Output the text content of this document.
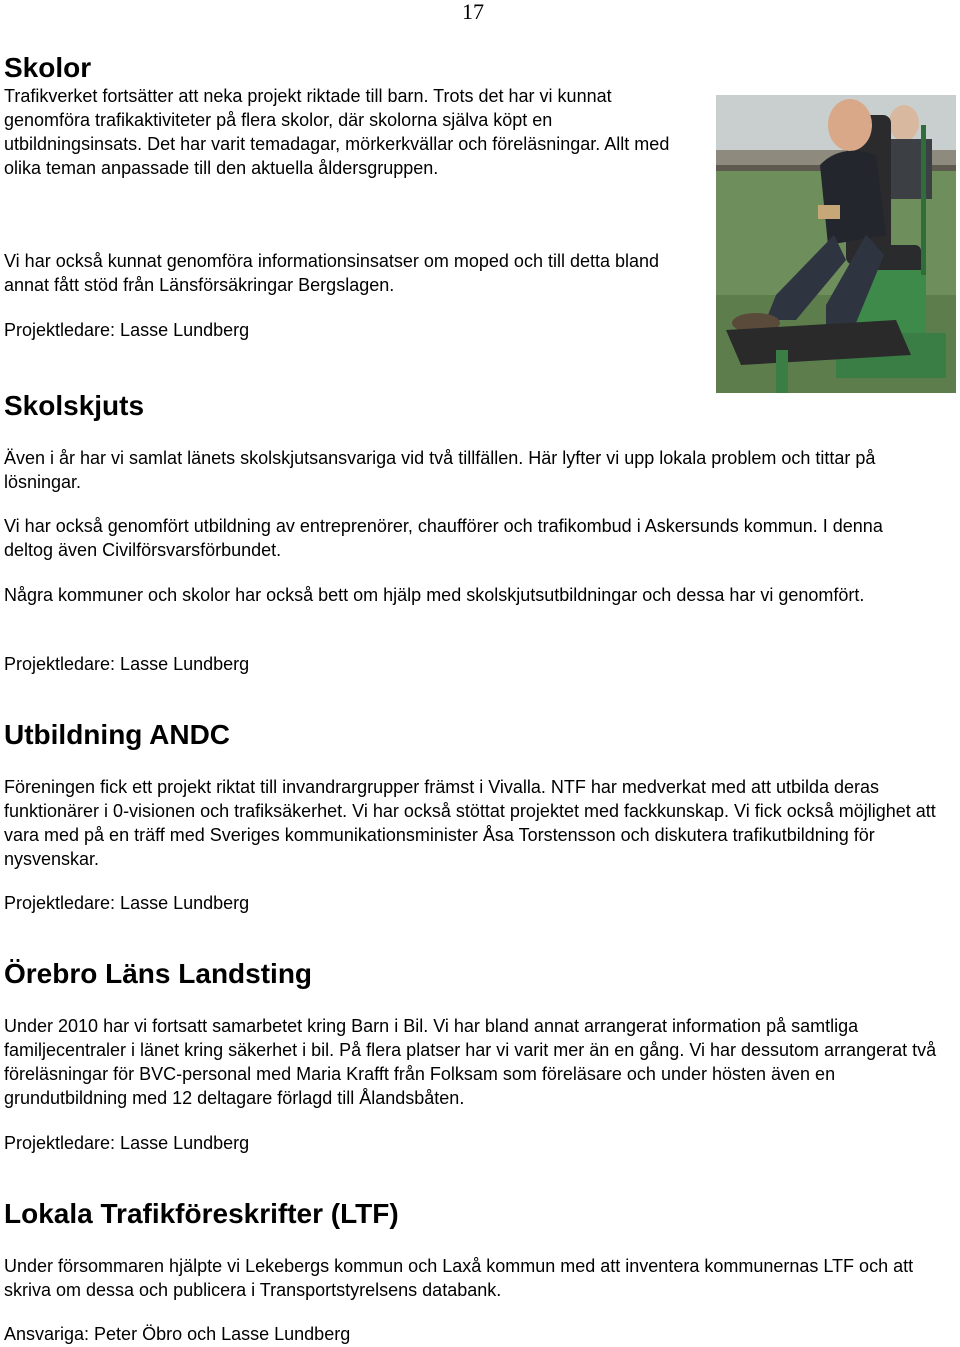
17
Skolor

Trafikverket fortsätter att neka projekt riktade till barn. Trots det har vi kunnat genomföra trafikaktiviteter på flera skolor, där skolorna själva köpt en utbildningsinsats. Det har varit temadagar, mörkerkvällar och föreläsningar. Allt med olika teman anpassade till den aktuella åldersgruppen.

Vi har också kunnat genomföra informationsinsatser om moped och till detta bland annat fått stöd från Länsförsäkringar Bergslagen.

Projektledare: Lasse Lundberg

Skolskjuts

Även i år har vi samlat länets skolskjutsansvariga vid två tillfällen. Här lyfter vi upp lokala problem och tittar på lösningar.

Vi har också genomfört utbildning av entreprenörer, chaufförer och trafikombud i Askersunds kommun. I denna deltog även Civilförsvarsförbundet.

Några kommuner och skolor har också bett om hjälp med skolskjutsutbildningar och dessa har vi genomfört.

Projektledare: Lasse Lundberg

Utbildning ANDC

Föreningen fick ett projekt riktat till invandrargrupper främst i Vivalla. NTF har medverkat med att utbilda deras funktionärer i 0-visionen och trafiksäkerhet. Vi har också stöttat projektet med fackkunskap. Vi fick också möjlighet att vara med på en träff med Sveriges kommunikationsminister Åsa Torstensson och diskutera trafikutbildning för nysvenskar.

Projektledare: Lasse Lundberg

Örebro Läns Landsting

Under 2010 har vi fortsatt samarbetet kring Barn i Bil. Vi har bland annat arrangerat information på samtliga familjecentraler i länet kring säkerhet i bil. På flera platser har vi varit mer än en gång. Vi har dessutom arrangerat två föreläsningar för BVC-personal med Maria Krafft från Folksam som föreläsare och under hösten även en grundutbildning med 12 deltagare förlagd till Ålandsbåten.

Projektledare: Lasse Lundberg

Lokala Trafikföreskrifter (LTF)

Under försommaren hjälpte vi Lekebergs kommun och Laxå kommun med att inventera kommunernas LTF och att skriva om dessa och publicera i Transportstyrelsens databank.

Ansvariga: Peter Öbro och Lasse Lundberg
